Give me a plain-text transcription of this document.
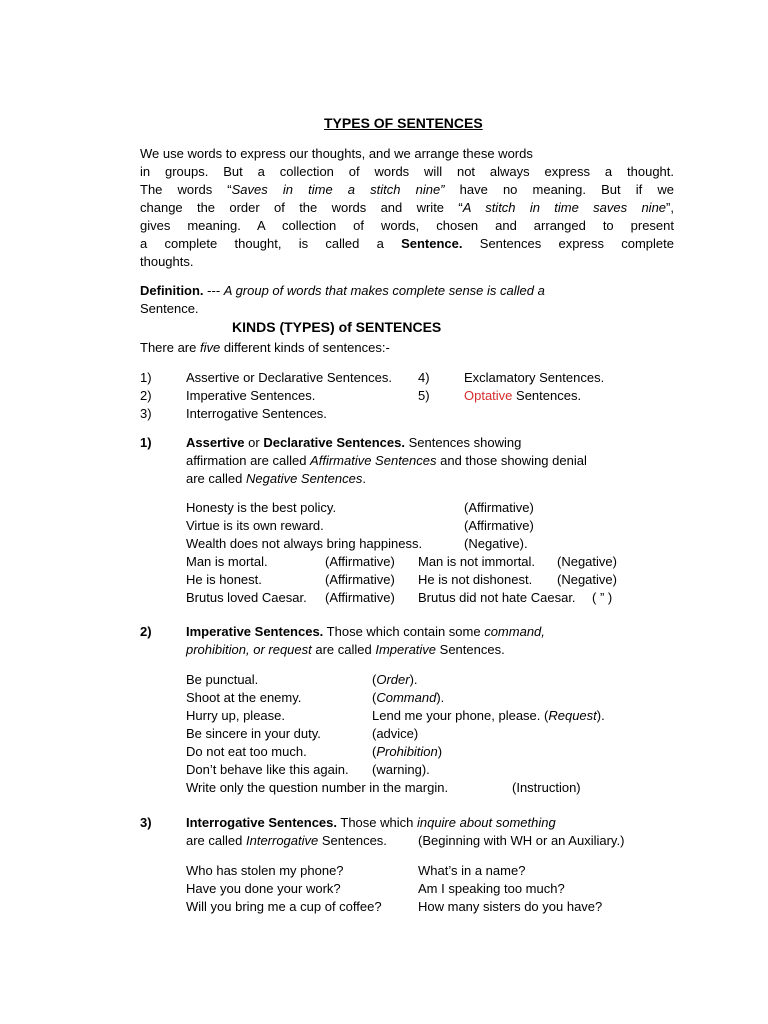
TYPES OF SENTENCES
We use words to express our thoughts, and we arrange these words
in groups. But a collection of words will not always express a thought.
The words “Saves in time a stitch nine” have no meaning. But if we
change the order of the words and write “A stitch in time saves nine”,
gives meaning. A collection of words, chosen and arranged to present
a complete thought, is called a Sentence. Sentences express complete
thoughts.
Definition. --- A group of words that makes complete sense is called a
Sentence.
KINDS (TYPES) of SENTENCES
There are five different kinds of sentences:-
1)	Assertive or Declarative Sentences.
2)	Imperative Sentences.
3)	Interrogative Sentences.
4)	Exclamatory Sentences.
5)	Optative Sentences.
1)	Assertive or Declarative Sentences. Sentences showing
affirmation are called Affirmative Sentences and those showing denial
are called Negative Sentences.
Honesty is the best policy.	(Affirmative)
Virtue is its own reward.	(Affirmative)
Wealth does not always bring happiness.	(Negative).
Man is mortal.	(Affirmative) Man is not immortal. (Negative)
He is honest.	(Affirmative) He is not dishonest. (Negative)
Brutus loved Caesar. (Affirmative) Brutus did not hate Caesar. ( ” )
2)	Imperative Sentences. Those which contain some command,
prohibition, or request are called Imperative Sentences.
Be punctual.	(Order).
Shoot at the enemy.	(Command).
Hurry up, please.	Lend me your phone, please. (Request).
Be sincere in your duty.	(advice)
Do not eat too much.	(Prohibition)
Don’t behave like this again. (warning).
Write only the question number in the margin.	(Instruction)
3)	Interrogative Sentences. Those which inquire about something
are called Interrogative Sentences. (Beginning with WH or an Auxiliary.)
Who has stolen my phone?	What’s in a name?
Have you done your work?	Am I speaking too much?
Will you bring me a cup of coffee?	How many sisters do you have?
